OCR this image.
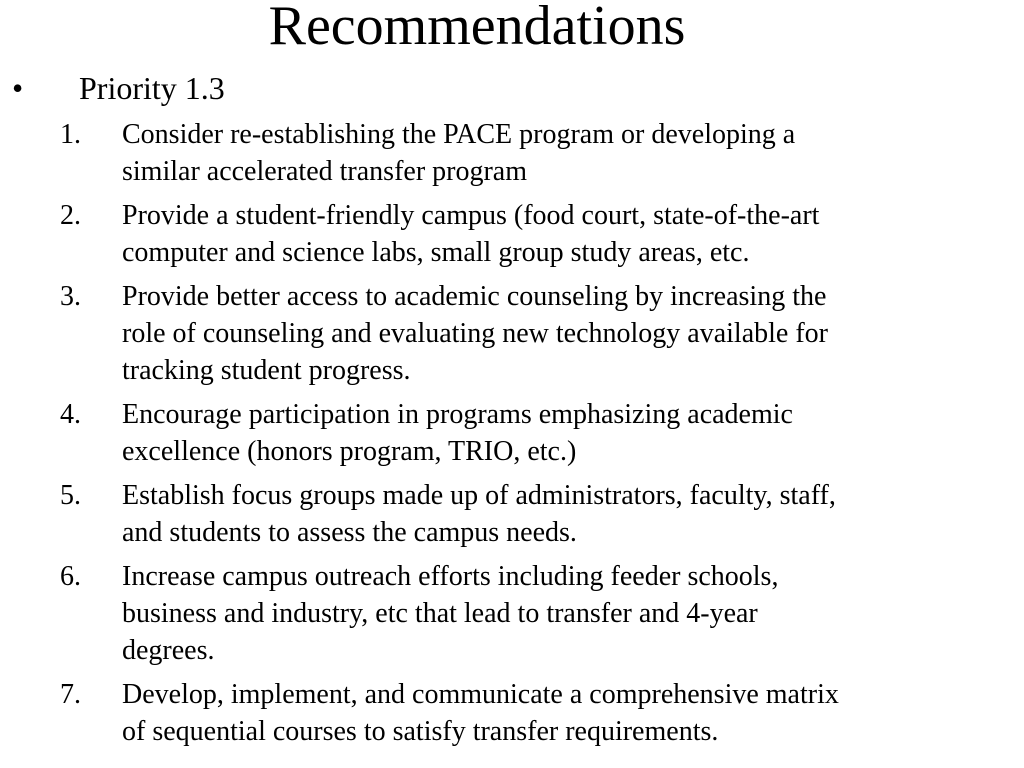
Recommendations
• Priority 1.3
1.	Consider re-establishing the PACE program or developing a
similar accelerated transfer program
2.	Provide a student-friendly campus (food court, state-of-the-art
computer and science labs, small group study areas, etc.
3.	Provide better access to academic counseling by increasing the
role of counseling and evaluating new technology available for
tracking student progress.
4.	Encourage participation in programs emphasizing academic
excellence (honors program, TRIO, etc.)
5.	Establish focus groups made up of administrators, faculty, staff,
and students to assess the campus needs.
6.	Increase campus outreach efforts including feeder schools,
business and industry, etc that lead to transfer and 4-year
degrees.
7.	Develop, implement, and communicate a comprehensive matrix
of sequential courses to satisfy transfer requirements.
